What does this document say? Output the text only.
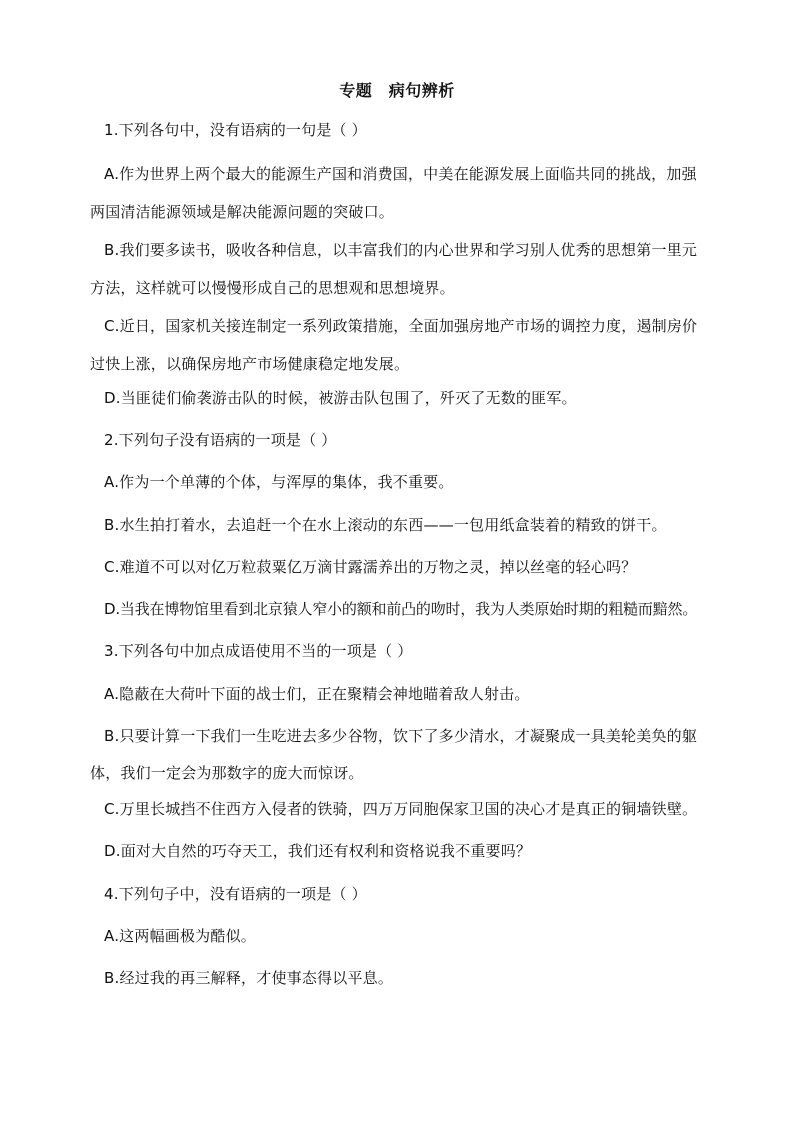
专题　病句辨析
1.下列各句中，没有语病的一句是（ ）
A.作为世界上两个最大的能源生产国和消费国，中美在能源发展上面临共同的挑战，加强
两国清洁能源领域是解决能源问题的突破口。
B.我们要多读书，吸收各种信息，以丰富我们的内心世界和学习别人优秀的思想第一里元
方法，这样就可以慢慢形成自己的思想观和思想境界。
C.近日，国家机关接连制定一系列政策措施，全面加强房地产市场的调控力度，遏制房价
过快上涨，以确保房地产市场健康稳定地发展。
D.当匪徒们偷袭游击队的时候，被游击队包围了，歼灭了无数的匪军。
2.下列句子没有语病的一项是（ ）
A.作为一个单薄的个体，与浑厚的集体，我不重要。
B.水生拍打着水，去追赶一个在水上滚动的东西——一包用纸盒装着的精致的饼干。
C.难道不可以对亿万粒菽粟亿万滴甘露濡养出的万物之灵，掉以丝毫的轻心吗？
D.当我在博物馆里看到北京猿人窄小的额和前凸的吻时，我为人类原始时期的粗糙而黯然。
3.下列各句中加点成语使用不当的一项是（ ）
A.隐蔽在大荷叶下面的战士们，正在聚精会神地瞄着敌人射击。
B.只要计算一下我们一生吃进去多少谷物，饮下了多少清水，才凝聚成一具美轮美奂的躯
体，我们一定会为那数字的庞大而惊讶。
C.万里长城挡不住西方入侵者的铁骑，四万万同胞保家卫国的决心才是真正的铜墙铁壁。
D.面对大自然的巧夺天工，我们还有权利和资格说我不重要吗？
4.下列句子中，没有语病的一项是（ ）
A.这两幅画极为酷似。
B.经过我的再三解释，才使事态得以平息。
